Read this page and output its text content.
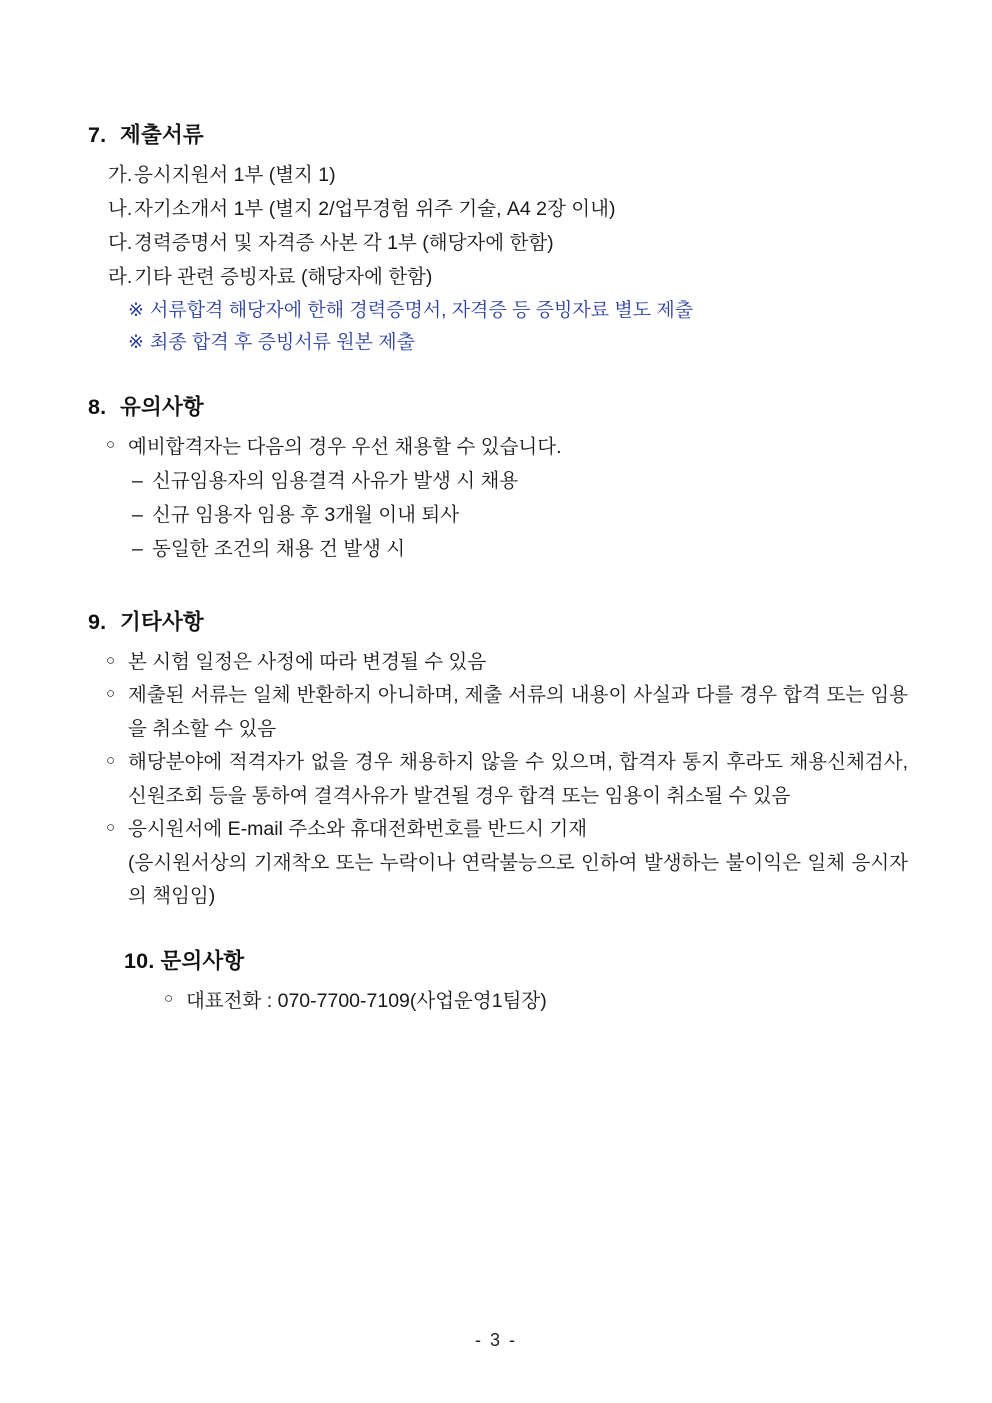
7. 제출서류
가. 응시지원서 1부 (별지 1)
나. 자기소개서 1부 (별지 2/업무경험 위주 기술, A4 2장 이내)
다. 경력증명서 및 자격증 사본 각 1부 (해당자에 한함)
라. 기타 관련 증빙자료 (해당자에 한함)
※ 서류합격 해당자에 한해 경력증명서, 자격증 등 증빙자료 별도 제출
※ 최종 합격 후 증빙서류 원본 제출
8. 유의사항
○ 예비합격자는 다음의 경우 우선 채용할 수 있습니다.
– 신규임용자의 임용결격 사유가 발생 시 채용
– 신규 임용자 임용 후 3개월 이내 퇴사
– 동일한 조건의 채용 건 발생 시
9. 기타사항
○ 본 시험 일정은 사정에 따라 변경될 수 있음
○ 제출된 서류는 일체 반환하지 아니하며, 제출 서류의 내용이 사실과 다를 경우 합격 또는 임용을 취소할 수 있음
○ 해당분야에 적격자가 없을 경우 채용하지 않을 수 있으며, 합격자 통지 후라도 채용신체검사, 신원조회 등을 통하여 결격사유가 발견될 경우 합격 또는 임용이 취소될 수 있음
○ 응시원서에 E-mail 주소와 휴대전화번호를 반드시 기재
(응시원서상의 기재착오 또는 누락이나 연락불능으로 인하여 발생하는 불이익은 일체 응시자의 책임임)
10. 문의사항
○ 대표전화 : 070-7700-7109(사업운영1팀장)
- 3 -
